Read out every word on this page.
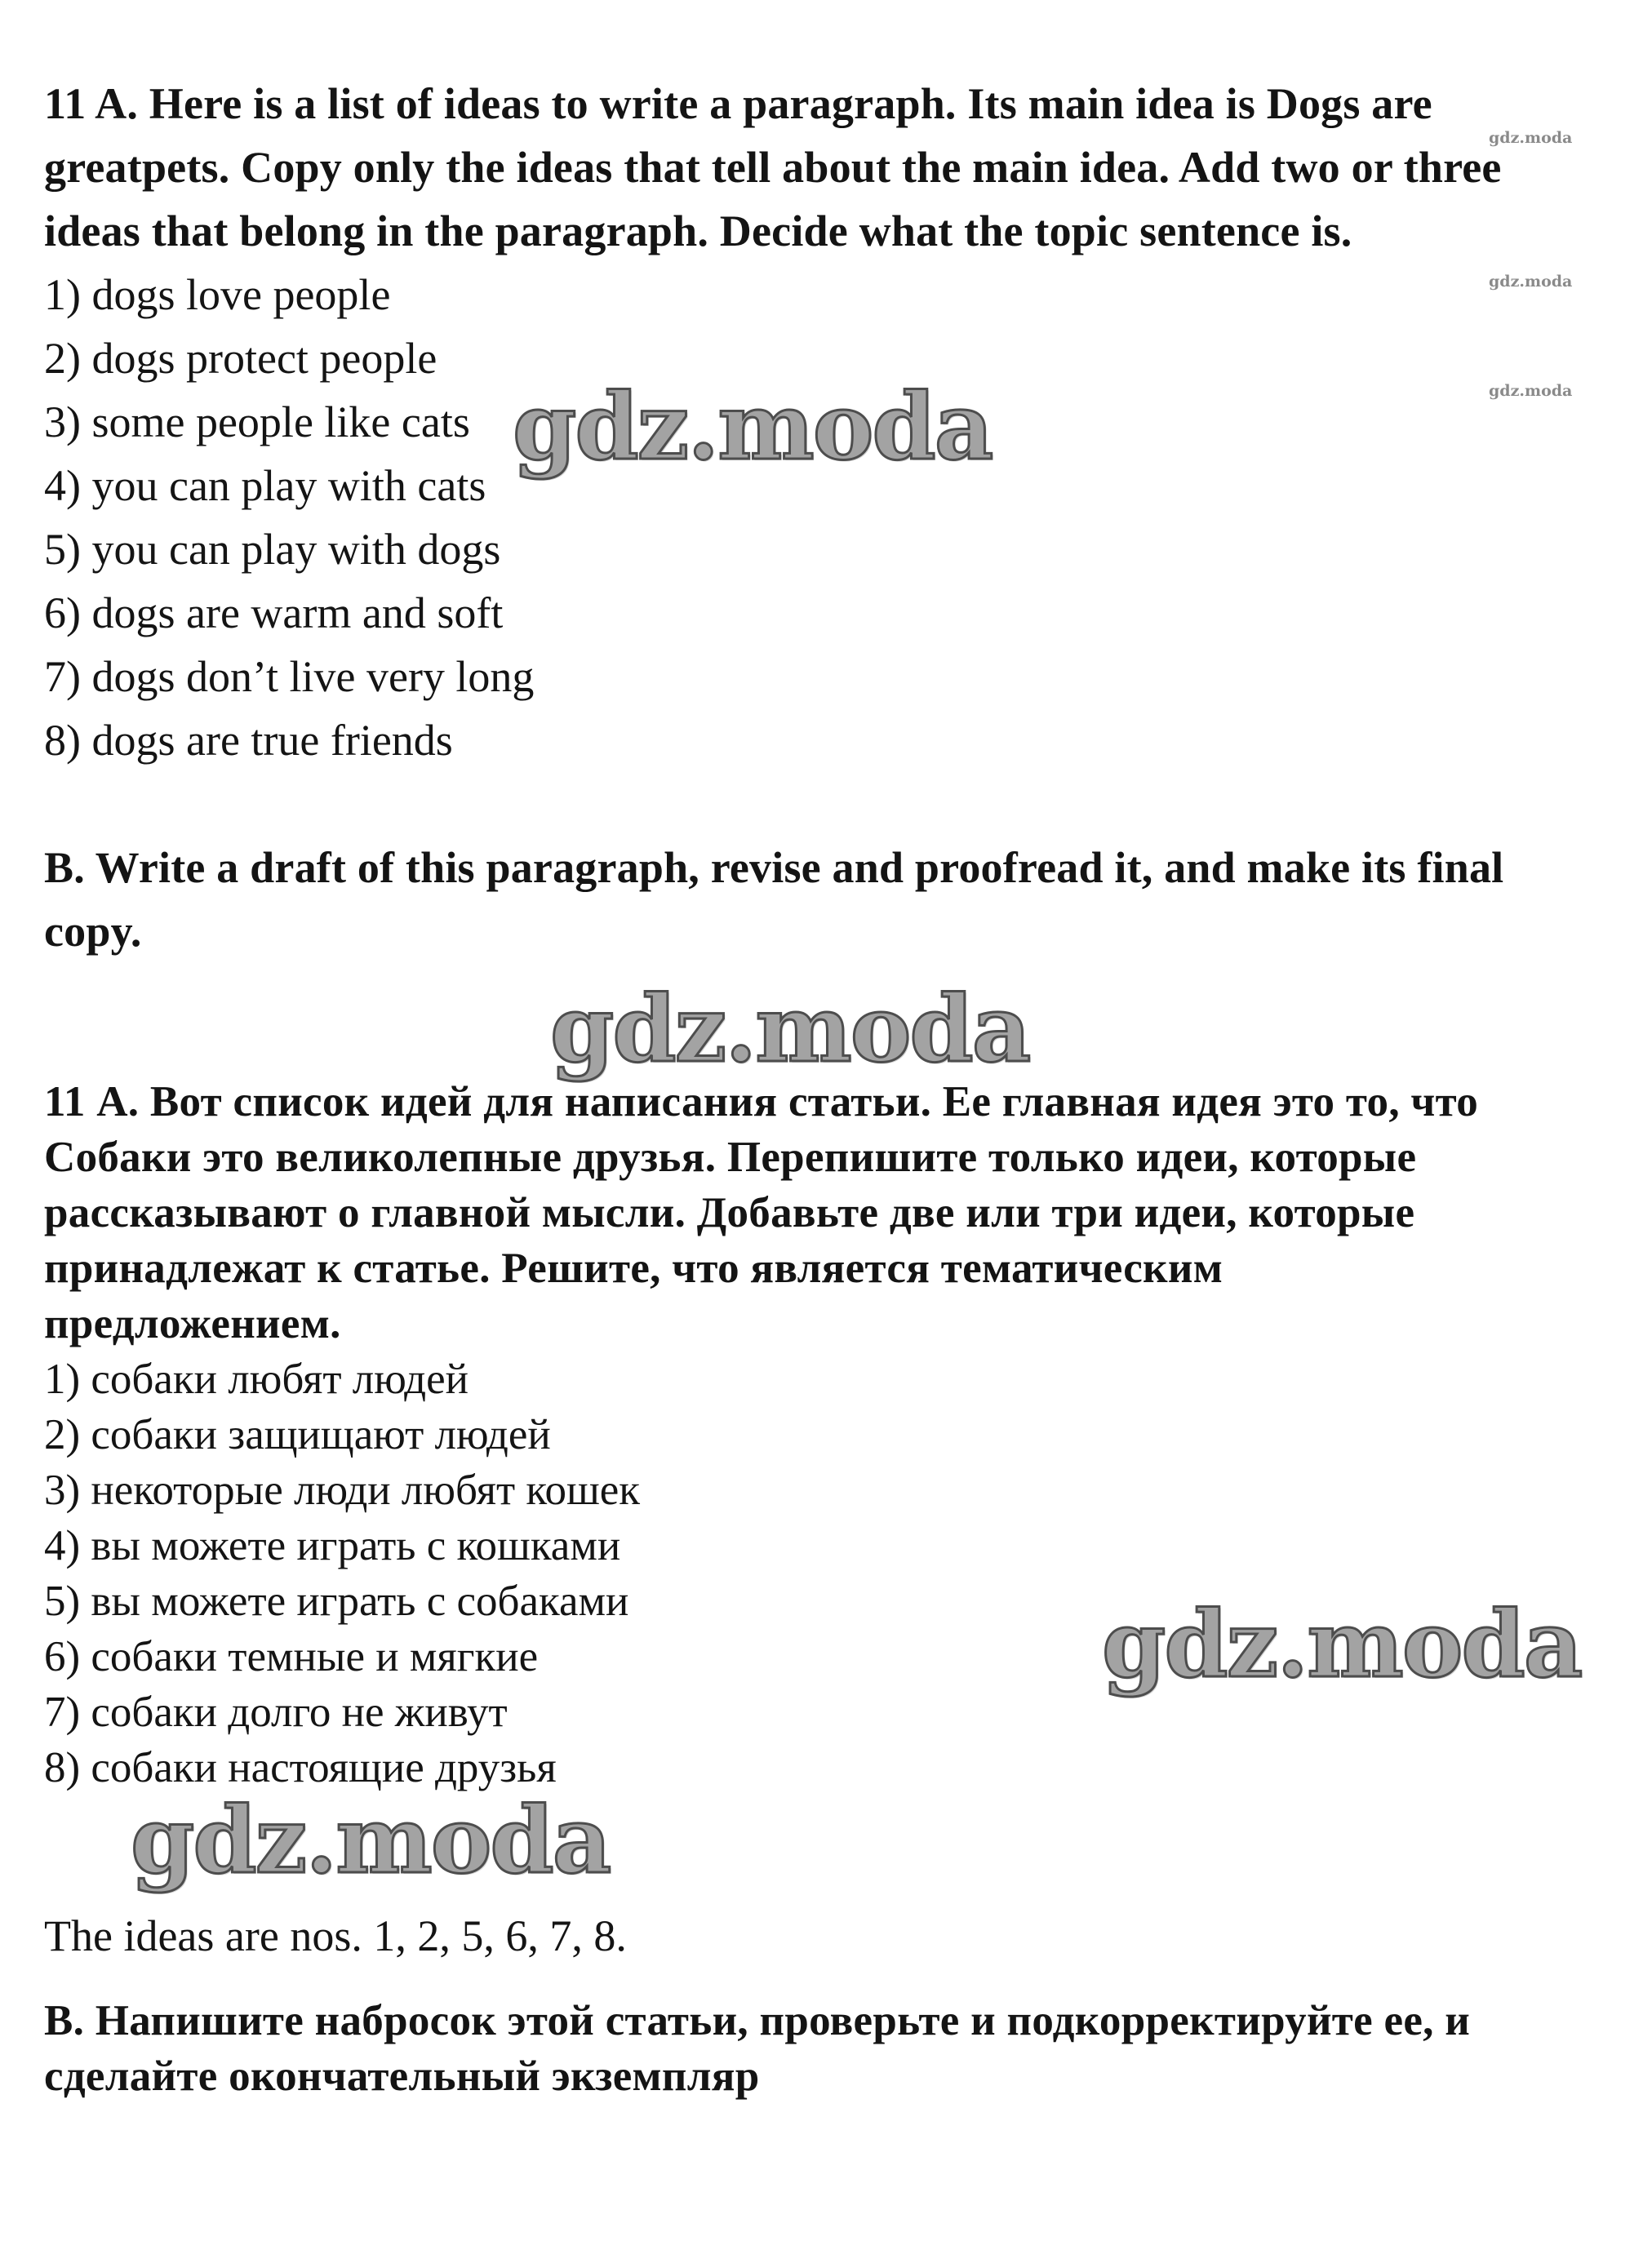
11 A. Here is a list of ideas to write a paragraph. Its main idea is Dogs are
greatpets. Copy only the ideas that tell about the main idea. Add two or three
ideas that belong in the paragraph. Decide what the topic sentence is.
1) dogs love people
2) dogs protect people
3) some people like cats
4) you can play with cats
5) you can play with dogs
6) dogs are warm and soft
7) dogs don’t live very long
8) dogs are true friends
B. Write a draft of this paragraph, revise and proofread it, and make its final
copy.
11 А. Вот список идей для написания статьи. Ее главная идея это то, что
Собаки это великолепные друзья. Перепишите только идеи, которые
рассказывают о главной мысли. Добавьте две или три идеи, которые
принадлежат к статье. Решите, что является тематическим
предложением.
1) собаки любят людей
2) собаки защищают людей
3) некоторые люди любят кошек
4) вы можете играть с кошками
5) вы можете играть с собаками
6) собаки темные и мягкие
7) собаки долго не живут
8) собаки настоящие друзья
The ideas are nos. 1, 2, 5, 6, 7, 8.
В. Напишите набросок этой статьи, проверьте и подкорректируйте ее, и
сделайте окончательный экземпляр
gdz.moda
gdz.moda
gdz.moda
gdz.moda
gdz.moda
gdz.moda
gdz.moda
